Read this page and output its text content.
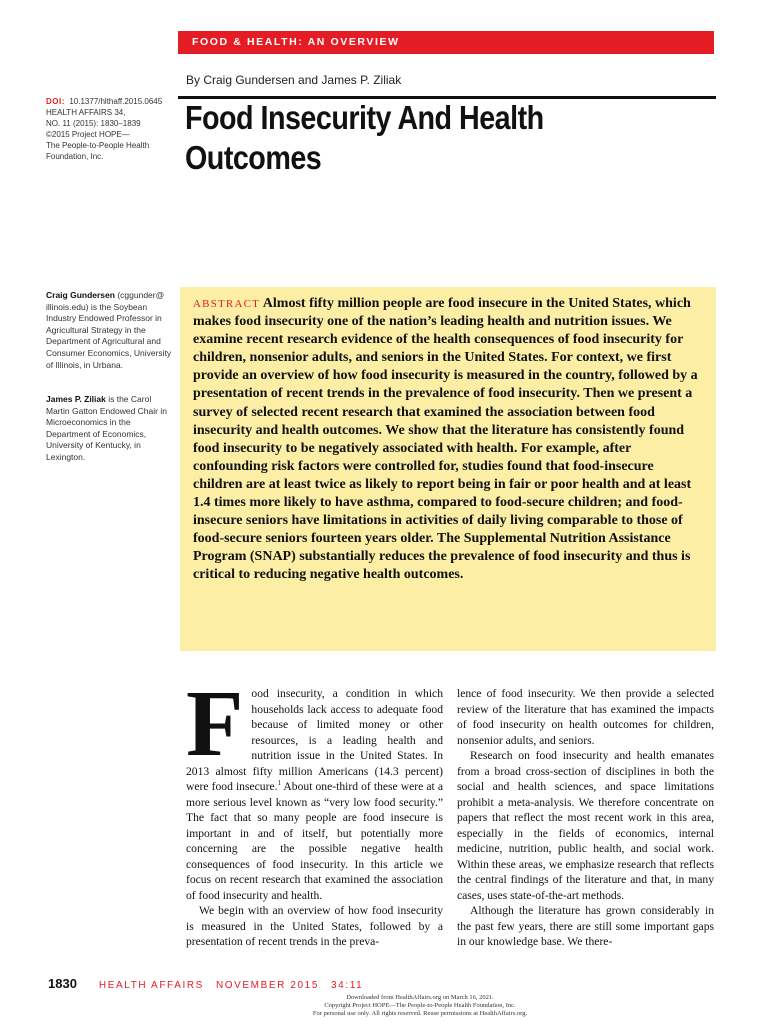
FOOD & HEALTH: AN OVERVIEW
By Craig Gundersen and James P. Ziliak
Food Insecurity And Health Outcomes
DOI: 10.1377/hlthaff.2015.0645
HEALTH AFFAIRS 34,
NO. 11 (2015): 1830–1839
©2015 Project HOPE—
The People-to-People Health
Foundation, Inc.
Craig Gundersen (cggunder@ illinois.edu) is the Soybean Industry Endowed Professor in Agricultural Strategy in the Department of Agricultural and Consumer Economics, University of Illinois, in Urbana.
James P. Ziliak is the Carol Martin Gatton Endowed Chair in Microeconomics in the Department of Economics, University of Kentucky, in Lexington.

ABSTRACT Almost fifty million people are food insecure in the United States, which makes food insecurity one of the nation’s leading health and nutrition issues. We examine recent research evidence of the health consequences of food insecurity for children, nonsenior adults, and seniors in the United States. For context, we first provide an overview of how food insecurity is measured in the country, followed by a presentation of recent trends in the prevalence of food insecurity. Then we present a survey of selected recent research that examined the association between food insecurity and health outcomes. We show that the literature has consistently found food insecurity to be negatively associated with health. For example, after confounding risk factors were controlled for, studies found that food-insecure children are at least twice as likely to report being in fair or poor health and at least 1.4 times more likely to have asthma, compared to food-secure children; and food-insecure seniors have limitations in activities of daily living comparable to those of food-secure seniors fourteen years older. The Supplemental Nutrition Assistance Program (SNAP) substantially reduces the prevalence of food insecurity and thus is critical to reducing negative health outcomes.

Food insecurity, a condition in which households lack access to adequate food because of limited money or other resources, is a leading health and nutrition issue in the United States. In 2013 almost fifty million Americans (14.3 percent) were food insecure.$^1$ About one-third of these were at a more serious level known as “very low food security.” The fact that so many people are food insecure is important in and of itself, but potentially more concerning are the possible negative health consequences of food insecurity. In this article we focus on recent research that examined the association of food insecurity and health.

We begin with an overview of how food insecurity is measured in the United States, followed by a presentation of recent trends in the preva-

lence of food insecurity. We then provide a selected review of the literature that has examined the impacts of food insecurity on health outcomes for children, nonsenior adults, and seniors.

Research on food insecurity and health emanates from a broad cross-section of disciplines in both the social and health sciences, and space limitations prohibit a meta-analysis. We therefore concentrate on papers that reflect the most recent work in this area, especially in the fields of economics, internal medicine, nutrition, public health, and social work. Within these areas, we emphasize research that reflects the central findings of the literature and that, in many cases, uses state-of-the-art methods.

Although the literature has grown considerably in the past few years, there are still some important gaps in our knowledge base. We there-

1830 HEALTH AFFAIRS NOVEMBER 2015 34:11
Downloaded from HealthAffairs.org on March 16, 2021.
Copyright Project HOPE—The People-to-People Health Foundation, Inc.
For personal use only. All rights reserved. Reuse permissions at HealthAffairs.org.
